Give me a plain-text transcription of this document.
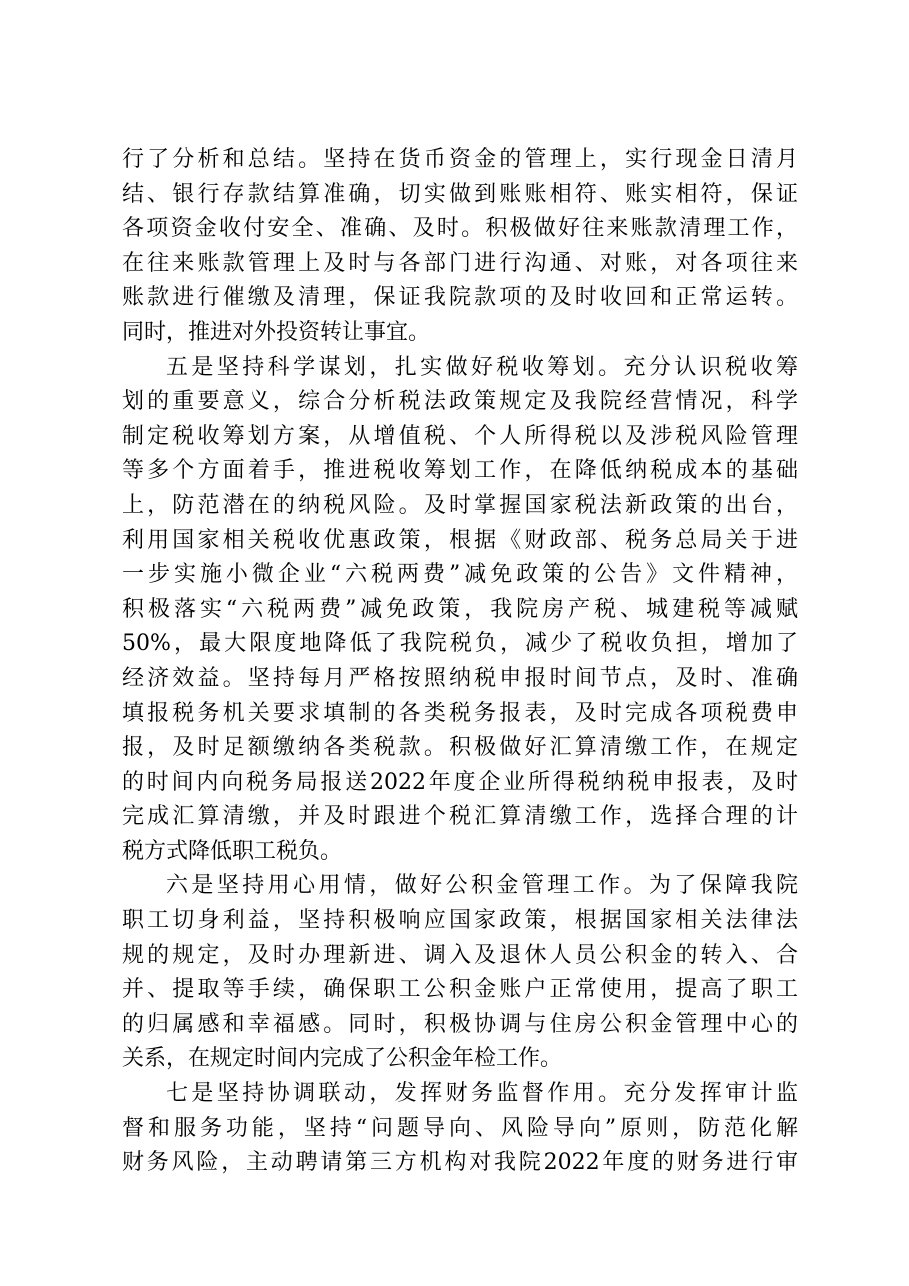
行了分析和总结。坚持在货币资金的管理上，实行现金日清月
结、银行存款结算准确，切实做到账账相符、账实相符，保证
各项资金收付安全、准确、及时。积极做好往来账款清理工作，
在往来账款管理上及时与各部门进行沟通、对账，对各项往来
账款进行催缴及清理，保证我院款项的及时收回和正常运转。
同时，推进对外投资转让事宜。
五是坚持科学谋划，扎实做好税收筹划。充分认识税收筹
划的重要意义，综合分析税法政策规定及我院经营情况，科学
制定税收筹划方案，从增值税、个人所得税以及涉税风险管理
等多个方面着手，推进税收筹划工作，在降低纳税成本的基础
上，防范潜在的纳税风险。及时掌握国家税法新政策的出台，
利用国家相关税收优惠政策，根据《财政部、税务总局关于进
一步实施小微企业“六税两费”减免政策的公告》文件精神，
积极落实“六税两费”减免政策，我院房产税、城建税等减赋
50%，最大限度地降低了我院税负，减少了税收负担，增加了
经济效益。坚持每月严格按照纳税申报时间节点，及时、准确
填报税务机关要求填制的各类税务报表，及时完成各项税费申
报，及时足额缴纳各类税款。积极做好汇算清缴工作，在规定
的时间内向税务局报送2022年度企业所得税纳税申报表，及时
完成汇算清缴，并及时跟进个税汇算清缴工作，选择合理的计
税方式降低职工税负。
六是坚持用心用情，做好公积金管理工作。为了保障我院
职工切身利益，坚持积极响应国家政策，根据国家相关法律法
规的规定，及时办理新进、调入及退休人员公积金的转入、合
并、提取等手续，确保职工公积金账户正常使用，提高了职工
的归属感和幸福感。同时，积极协调与住房公积金管理中心的
关系，在规定时间内完成了公积金年检工作。
七是坚持协调联动，发挥财务监督作用。充分发挥审计监
督和服务功能，坚持“问题导向、风险导向”原则，防范化解
财务风险，主动聘请第三方机构对我院2022年度的财务进行审
